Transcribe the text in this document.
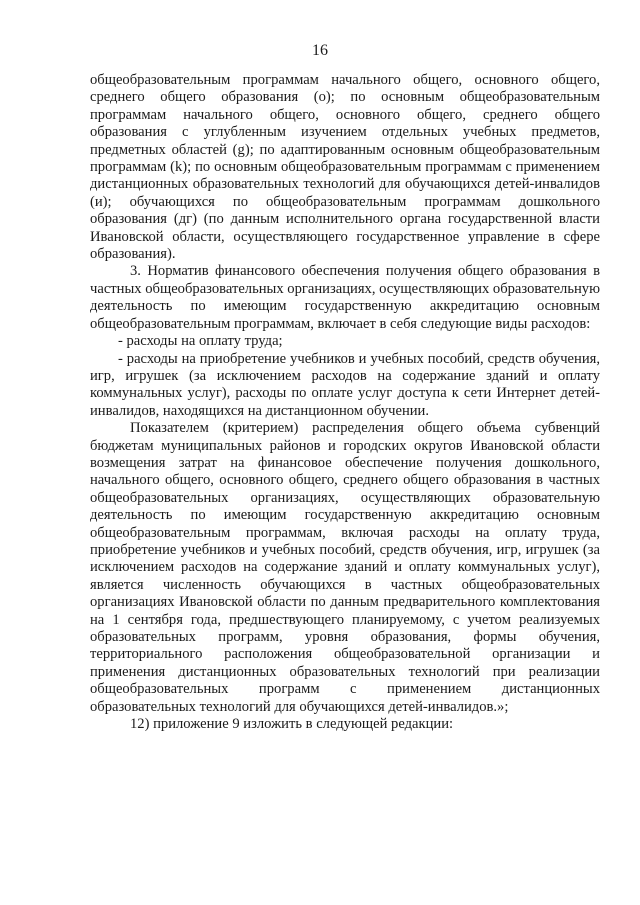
16

общеобразовательным программам начального общего, основного общего, среднего общего образования (о); по основным общеобразовательным программам начального общего, основного общего, среднего общего образования с углубленным изучением отдельных учебных предметов, предметных областей (g); по адаптированным основным общеобразовательным программам (k); по основным общеобразовательным программам с применением дистанционных образовательных технологий для обучающихся детей-инвалидов (и); обучающихся по общеобразовательным программам дошкольного образования (дг) (по данным исполнительного органа государственной власти Ивановской области, осуществляющего государственное управление в сфере образования).

3. Норматив финансового обеспечения получения общего образования в частных общеобразовательных организациях, осуществляющих образовательную деятельность по имеющим государственную аккредитацию основным общеобразовательным программам, включает в себя следующие виды расходов:

- расходы на оплату труда;

- расходы на приобретение учебников и учебных пособий, средств обучения, игр, игрушек (за исключением расходов на содержание зданий и оплату коммунальных услуг), расходы по оплате услуг доступа к сети Интернет детей-инвалидов, находящихся на дистанционном обучении.

Показателем (критерием) распределения общего объема субвенций бюджетам муниципальных районов и городских округов Ивановской области возмещения затрат на финансовое обеспечение получения дошкольного, начального общего, основного общего, среднего общего образования в частных общеобразовательных организациях, осуществляющих образовательную деятельность по имеющим государственную аккредитацию основным общеобразовательным программам, включая расходы на оплату труда, приобретение учебников и учебных пособий, средств обучения, игр, игрушек (за исключением расходов на содержание зданий и оплату коммунальных услуг), является численность обучающихся в частных общеобразовательных организациях Ивановской области по данным предварительного комплектования на 1 сентября года, предшествующего планируемому, с учетом реализуемых образовательных программ, уровня образования, формы обучения, территориального расположения общеобразовательной организации и применения дистанционных образовательных технологий при реализации общеобразовательных программ с применением дистанционных образовательных технологий для обучающихся детей-инвалидов.»;

12) приложение 9 изложить в следующей редакции:
